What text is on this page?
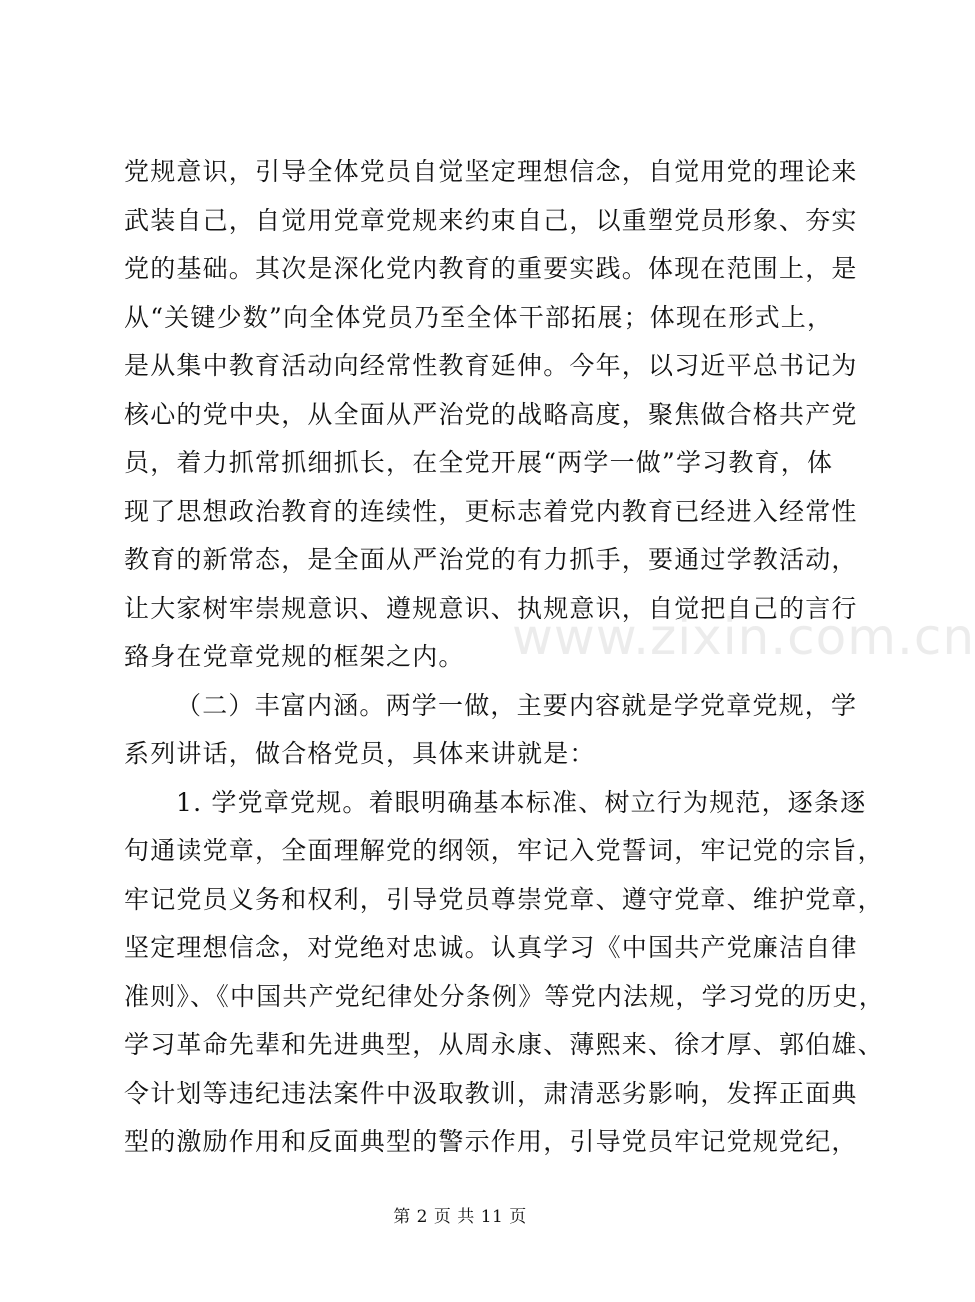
党规意识，引导全体党员自觉坚定理想信念，自觉用党的理论来
武装自己，自觉用党章党规来约束自己，以重塑党员形象、夯实
党的基础。其次是深化党内教育的重要实践。体现在范围上，是
从“关键少数”向全体党员乃至全体干部拓展；体现在形式上，
是从集中教育活动向经常性教育延伸。今年，以习近平总书记为
核心的党中央，从全面从严治党的战略高度，聚焦做合格共产党
员，着力抓常抓细抓长，在全党开展“两学一做”学习教育，体
现了思想政治教育的连续性，更标志着党内教育已经进入经常性
教育的新常态，是全面从严治党的有力抓手，要通过学教活动，
让大家树牢崇规意识、遵规意识、执规意识，自觉把自己的言行
臵身在党章党规的框架之内。
（二）丰富内涵。两学一做，主要内容就是学党章党规，学
系列讲话，做合格党员，具体来讲就是：
1. 学党章党规。着眼明确基本标准、树立行为规范，逐条逐
句通读党章，全面理解党的纲领，牢记入党誓词，牢记党的宗旨，
牢记党员义务和权利，引导党员尊崇党章、遵守党章、维护党章，
坚定理想信念，对党绝对忠诚。认真学习《中国共产党廉洁自律
准则》、《中国共产党纪律处分条例》等党内法规，学习党的历史，
学习革命先辈和先进典型，从周永康、薄熙来、徐才厚、郭伯雄、
令计划等违纪违法案件中汲取教训，肃清恶劣影响，发挥正面典
型的激励作用和反面典型的警示作用，引导党员牢记党规党纪，
www.zixin.com.cn
第 2 页 共 11 页
